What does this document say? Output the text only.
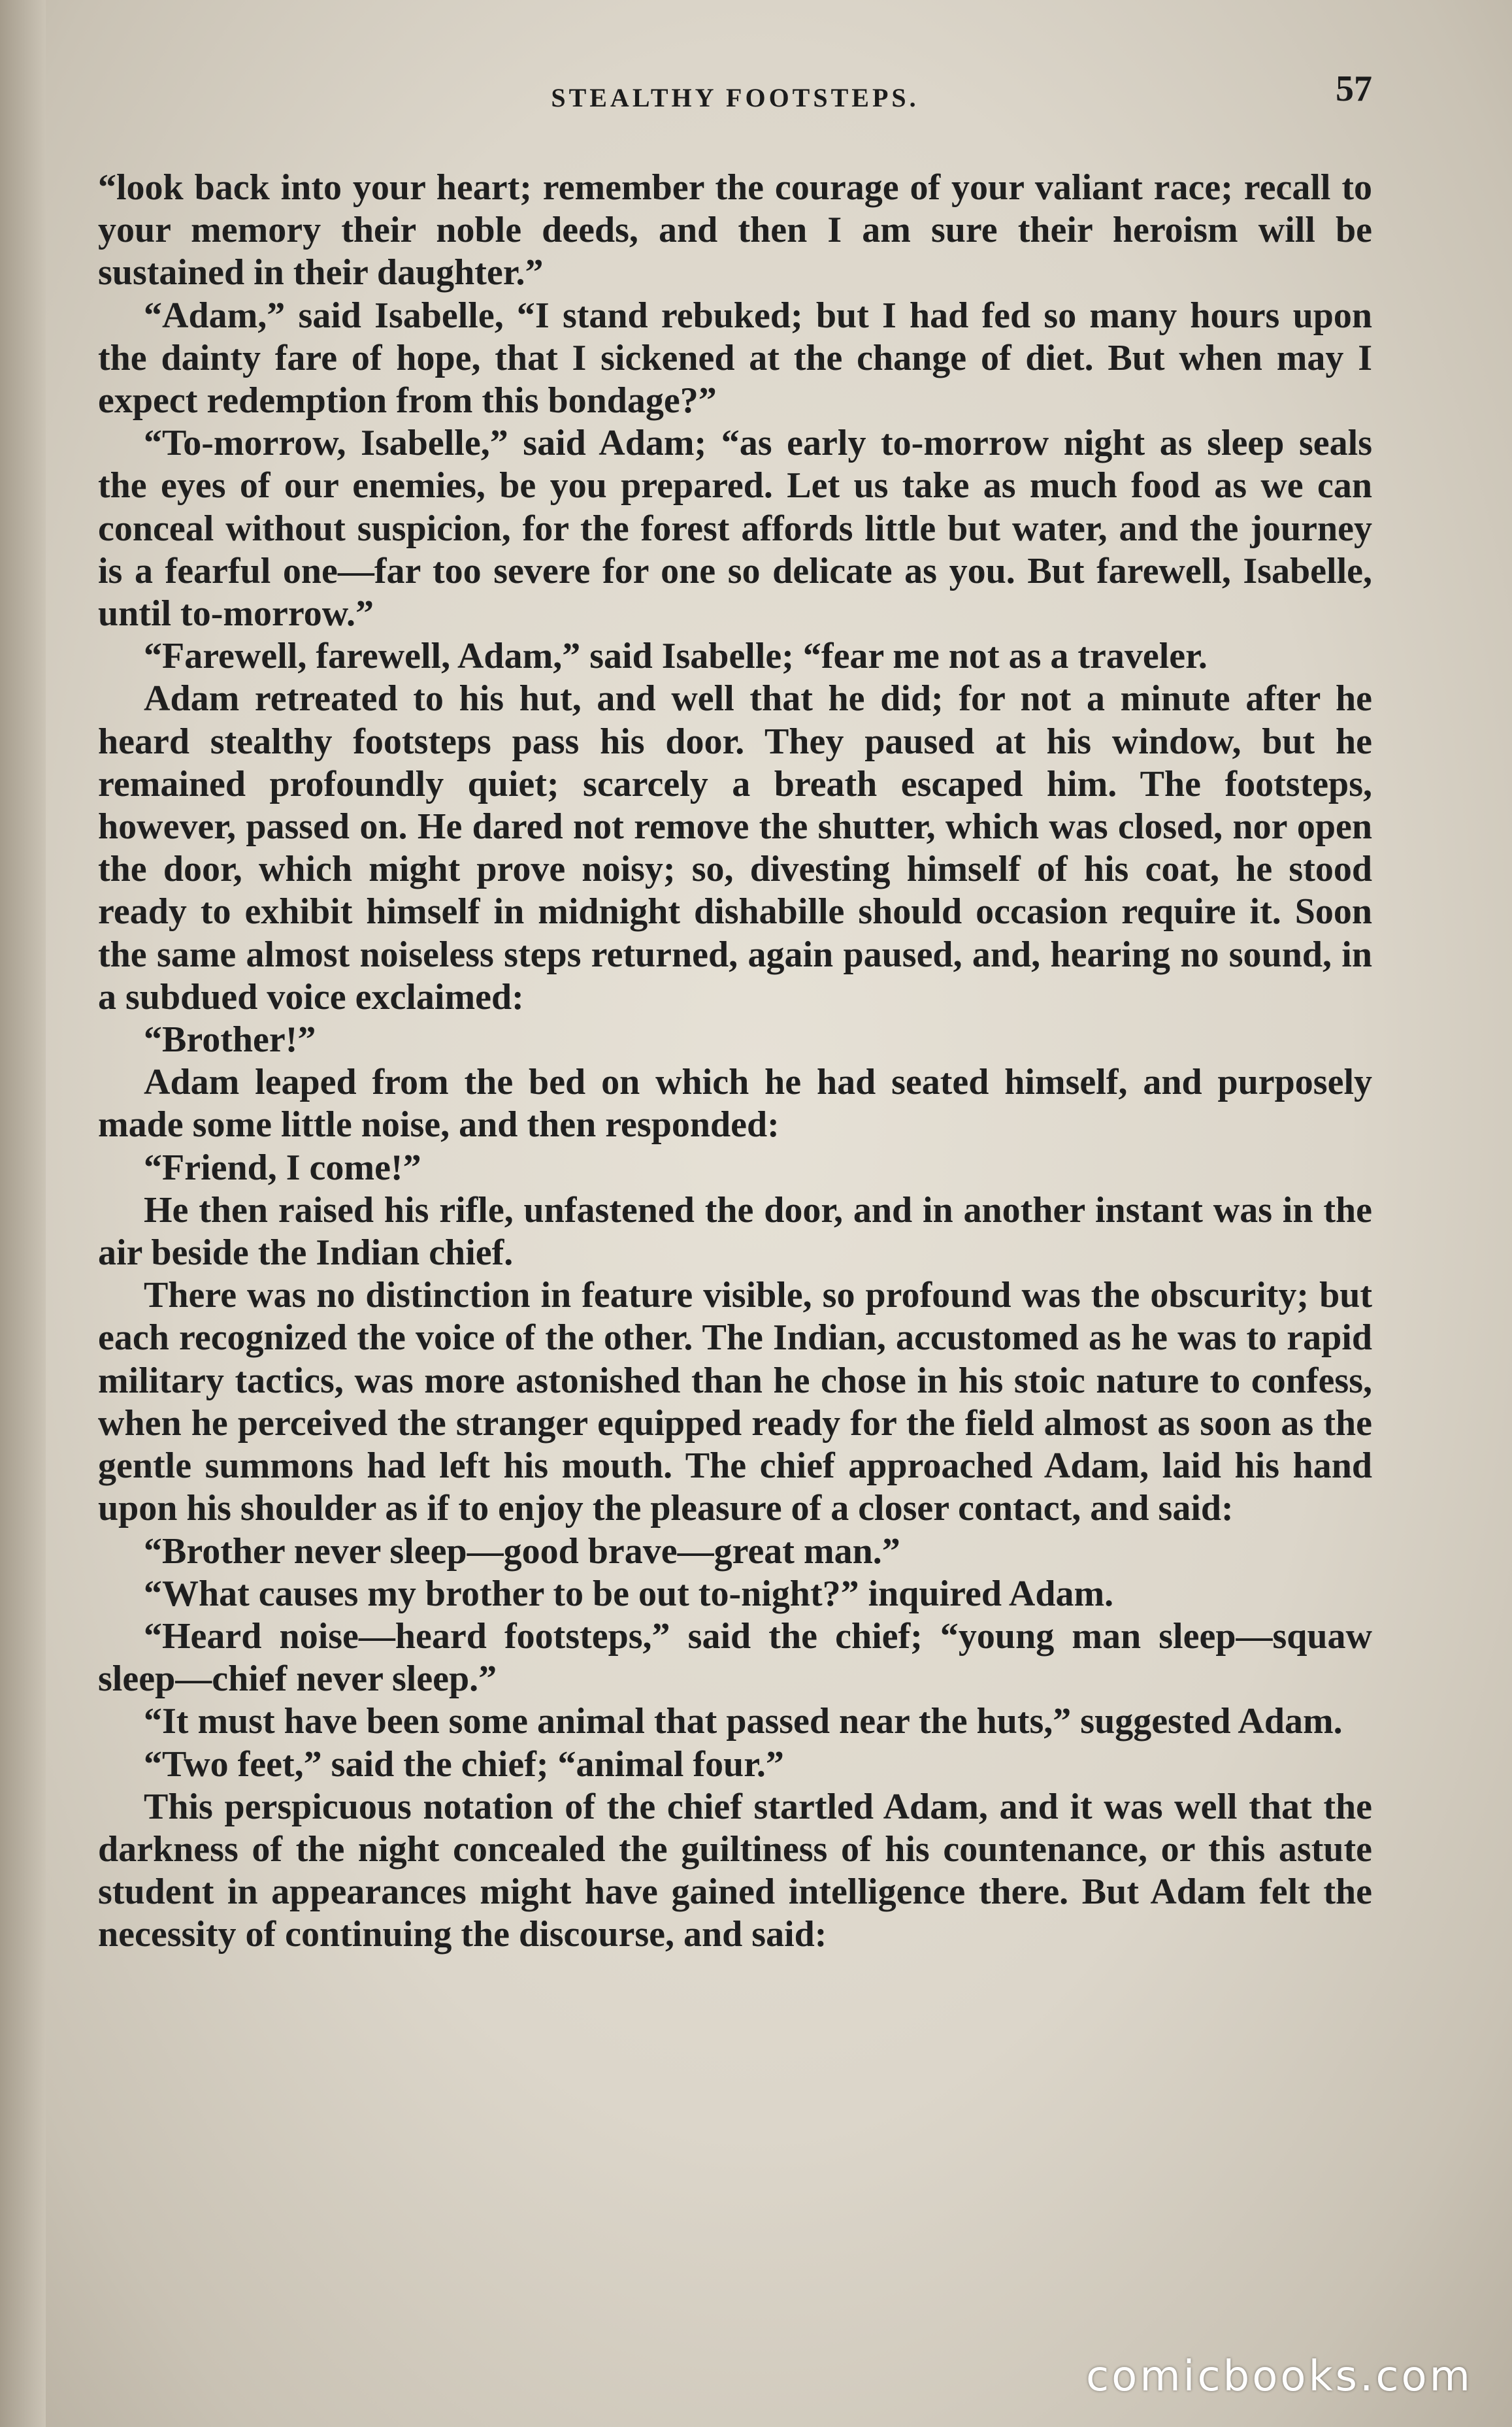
STEALTHY FOOTSTEPS.	57

“look back into your heart; remember the courage of your valiant race; recall to your memory their noble deeds, and then I am sure their heroism will be sustained in their daughter.”

“Adam,” said Isabelle, “I stand rebuked; but I had fed so many hours upon the dainty fare of hope, that I sickened at the change of diet. But when may I expect redemption from this bondage?”

“To-morrow, Isabelle,” said Adam; “as early to-morrow night as sleep seals the eyes of our enemies, be you prepared. Let us take as much food as we can conceal without suspicion, for the forest affords little but water, and the journey is a fearful one—far too severe for one so delicate as you. But farewell, Isabelle, until to-morrow.”

“Farewell, farewell, Adam,” said Isabelle; “fear me not as a traveler.

Adam retreated to his hut, and well that he did; for not a minute after he heard stealthy footsteps pass his door. They paused at his window, but he remained profoundly quiet; scarcely a breath escaped him. The footsteps, however, passed on. He dared not remove the shutter, which was closed, nor open the door, which might prove noisy; so, divesting himself of his coat, he stood ready to exhibit himself in midnight dishabille should occasion require it. Soon the same almost noiseless steps returned, again paused, and, hearing no sound, in a subdued voice exclaimed:

“Brother!”

Adam leaped from the bed on which he had seated himself, and purposely made some little noise, and then responded:

“Friend, I come!”

He then raised his rifle, unfastened the door, and in another instant was in the air beside the Indian chief.

There was no distinction in feature visible, so profound was the obscurity; but each recognized the voice of the other. The Indian, accustomed as he was to rapid military tactics, was more astonished than he chose in his stoic nature to confess, when he perceived the stranger equipped ready for the field almost as soon as the gentle summons had left his mouth. The chief approached Adam, laid his hand upon his shoulder as if to enjoy the pleasure of a closer contact, and said:

“Brother never sleep—good brave—great man.”

“What causes my brother to be out to-night?” inquired Adam.

“Heard noise—heard footsteps,” said the chief; “young man sleep—squaw sleep—chief never sleep.”

“It must have been some animal that passed near the huts,” suggested Adam.

“Two feet,” said the chief; “animal four.”

This perspicuous notation of the chief startled Adam, and it was well that the darkness of the night concealed the guiltiness of his countenance, or this astute student in appearances might have gained intelligence there. But Adam felt the necessity of continuing the discourse, and said:

comicbooks.com
